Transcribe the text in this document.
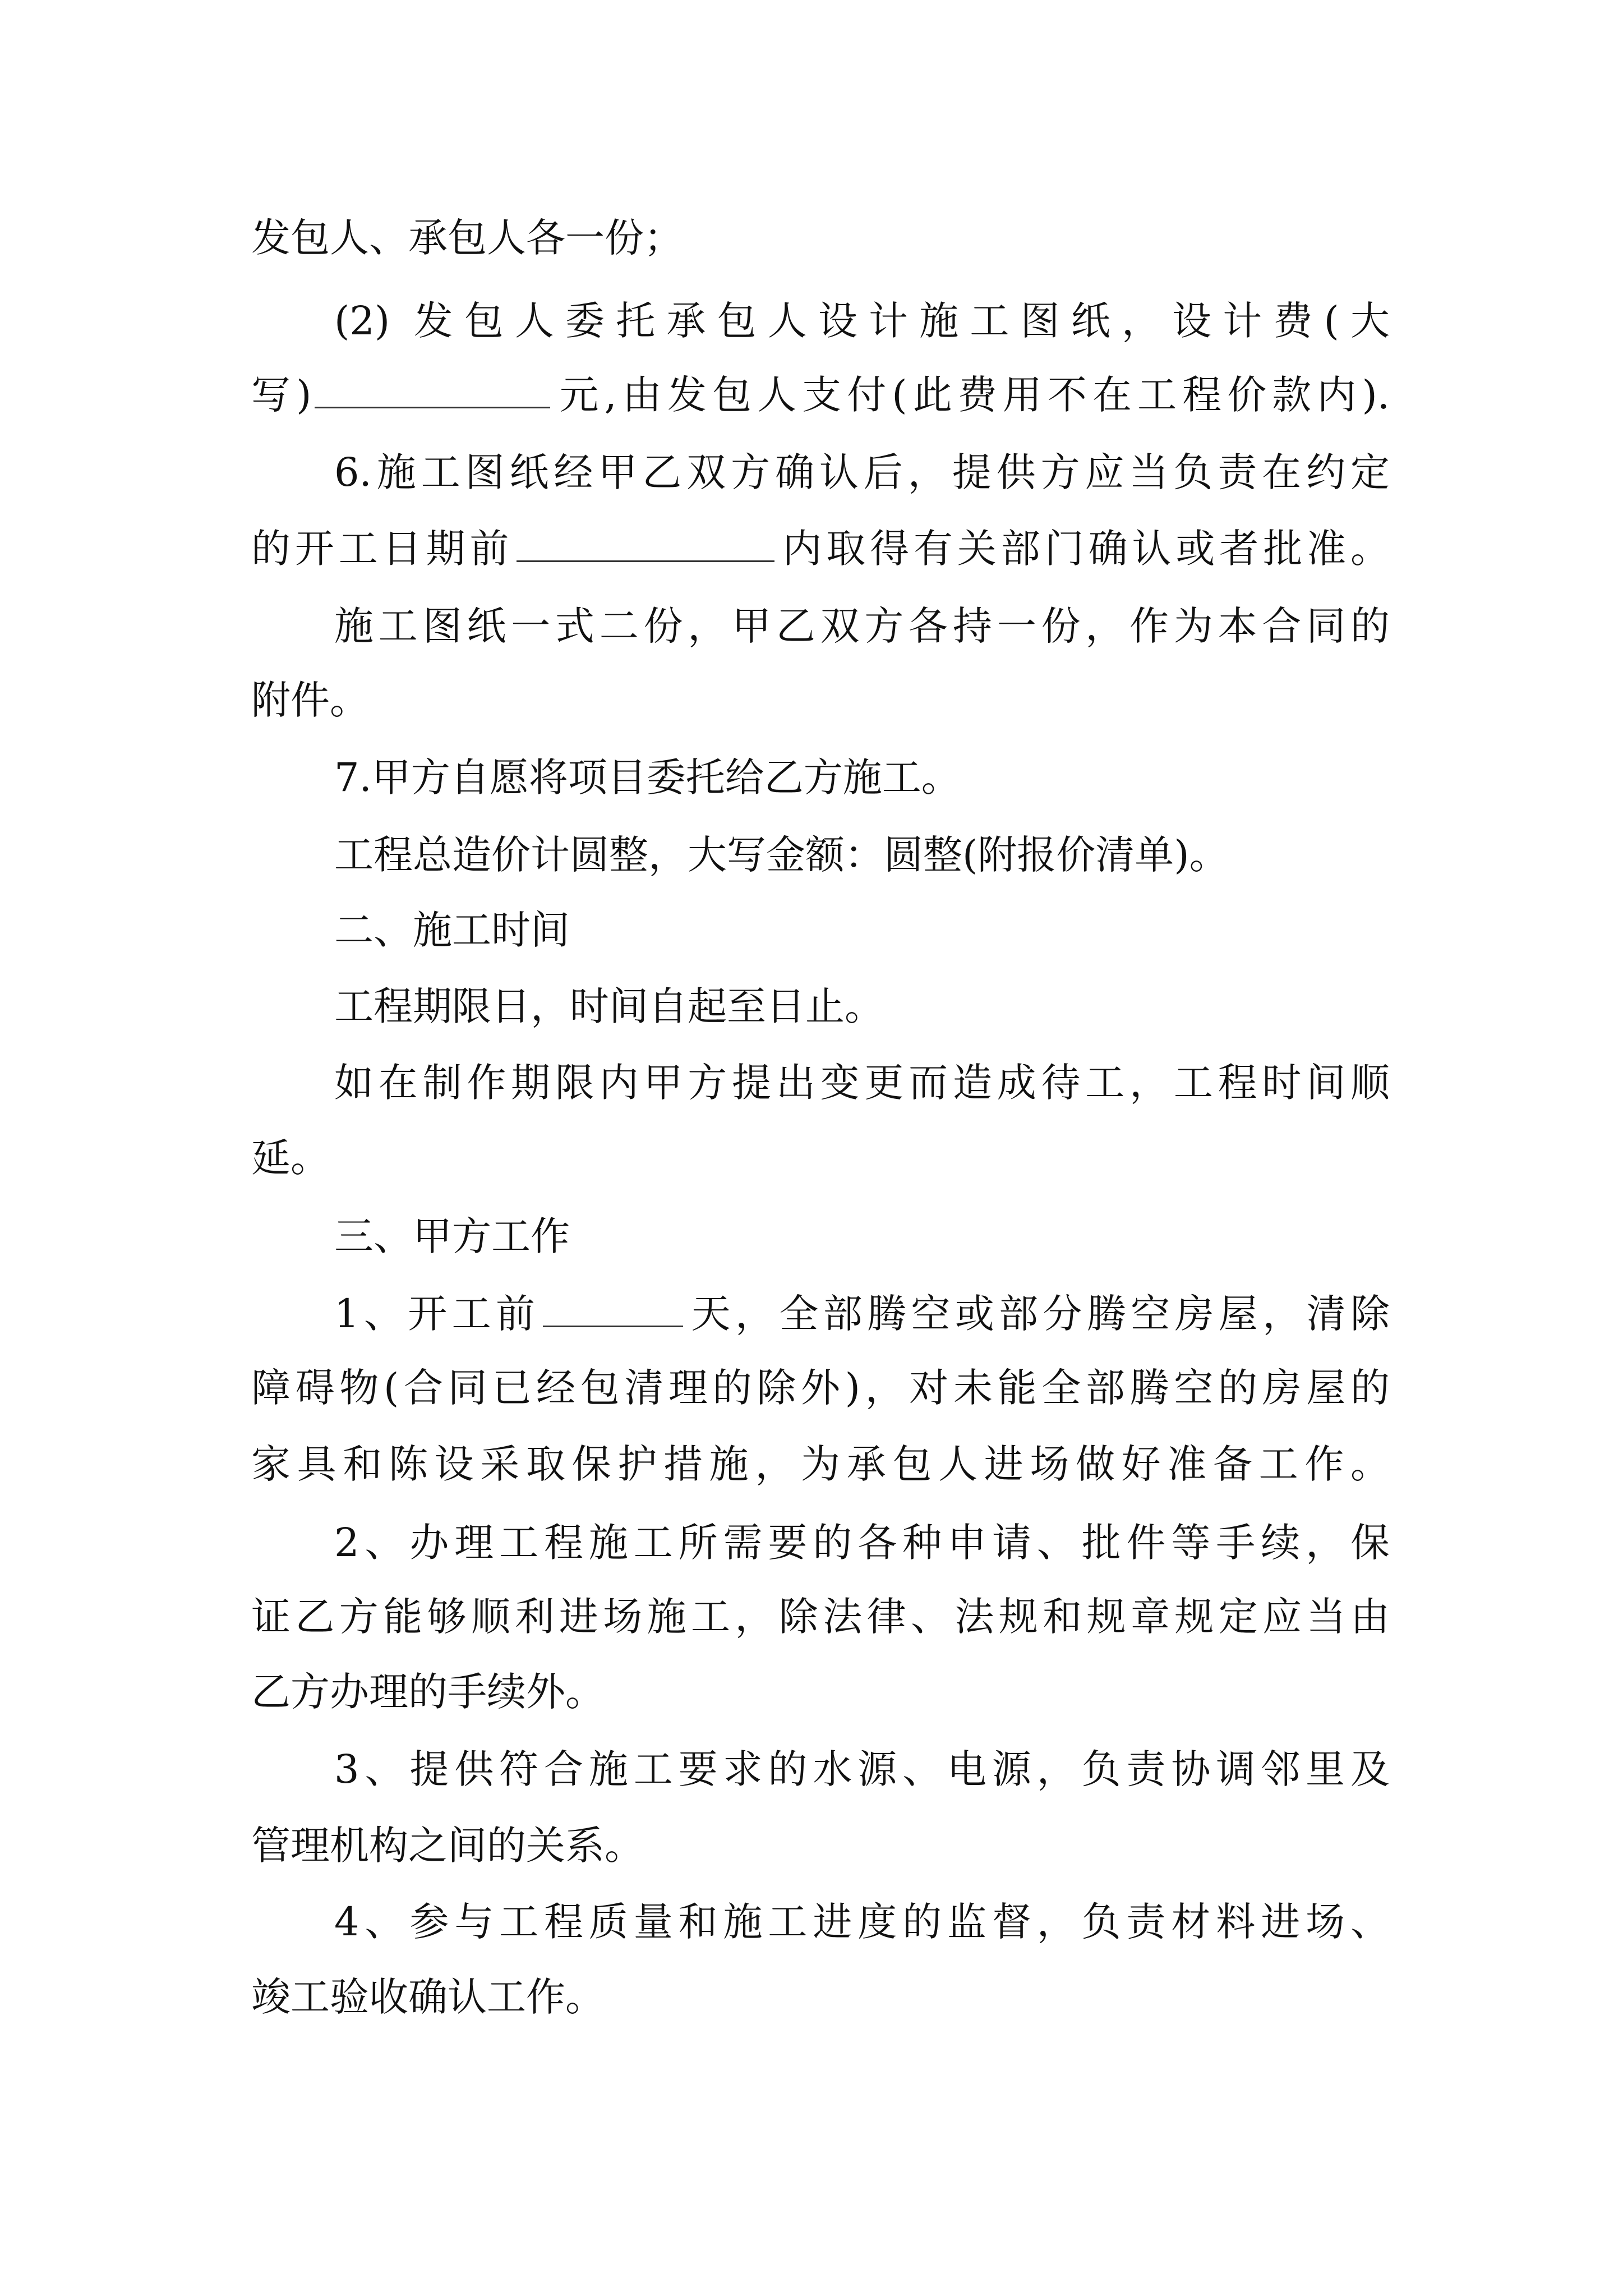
发包人、承包人各一份；
(2) 发包人委托承包人设计施工图纸，设计费(大
写)	元,由发包人支付(此费用不在工程价款内).
6.施工图纸经甲乙双方确认后，提供方应当负责在约定
的开工日期前	内取得有关部门确认或者批准。
施工图纸一式二份，甲乙双方各持一份，作为本合同的
附件。
7.甲方自愿将项目委托给乙方施工。
工程总造价计圆整，大写金额：圆整(附报价清单)。
二、施工时间
工程期限日，时间自起至日止。
如在制作期限内甲方提出变更而造成待工，工程时间顺
延。
三、甲方工作
1、开工前	天，全部腾空或部分腾空房屋，清除
障碍物(合同已经包清理的除外)，对未能全部腾空的房屋的
家具和陈设采取保护措施，为承包人进场做好准备工作。
2、办理工程施工所需要的各种申请、批件等手续，保
证乙方能够顺利进场施工，除法律、法规和规章规定应当由
乙方办理的手续外。
3、提供符合施工要求的水源、电源，负责协调邻里及
管理机构之间的关系。
4、参与工程质量和施工进度的监督，负责材料进场、
竣工验收确认工作。
